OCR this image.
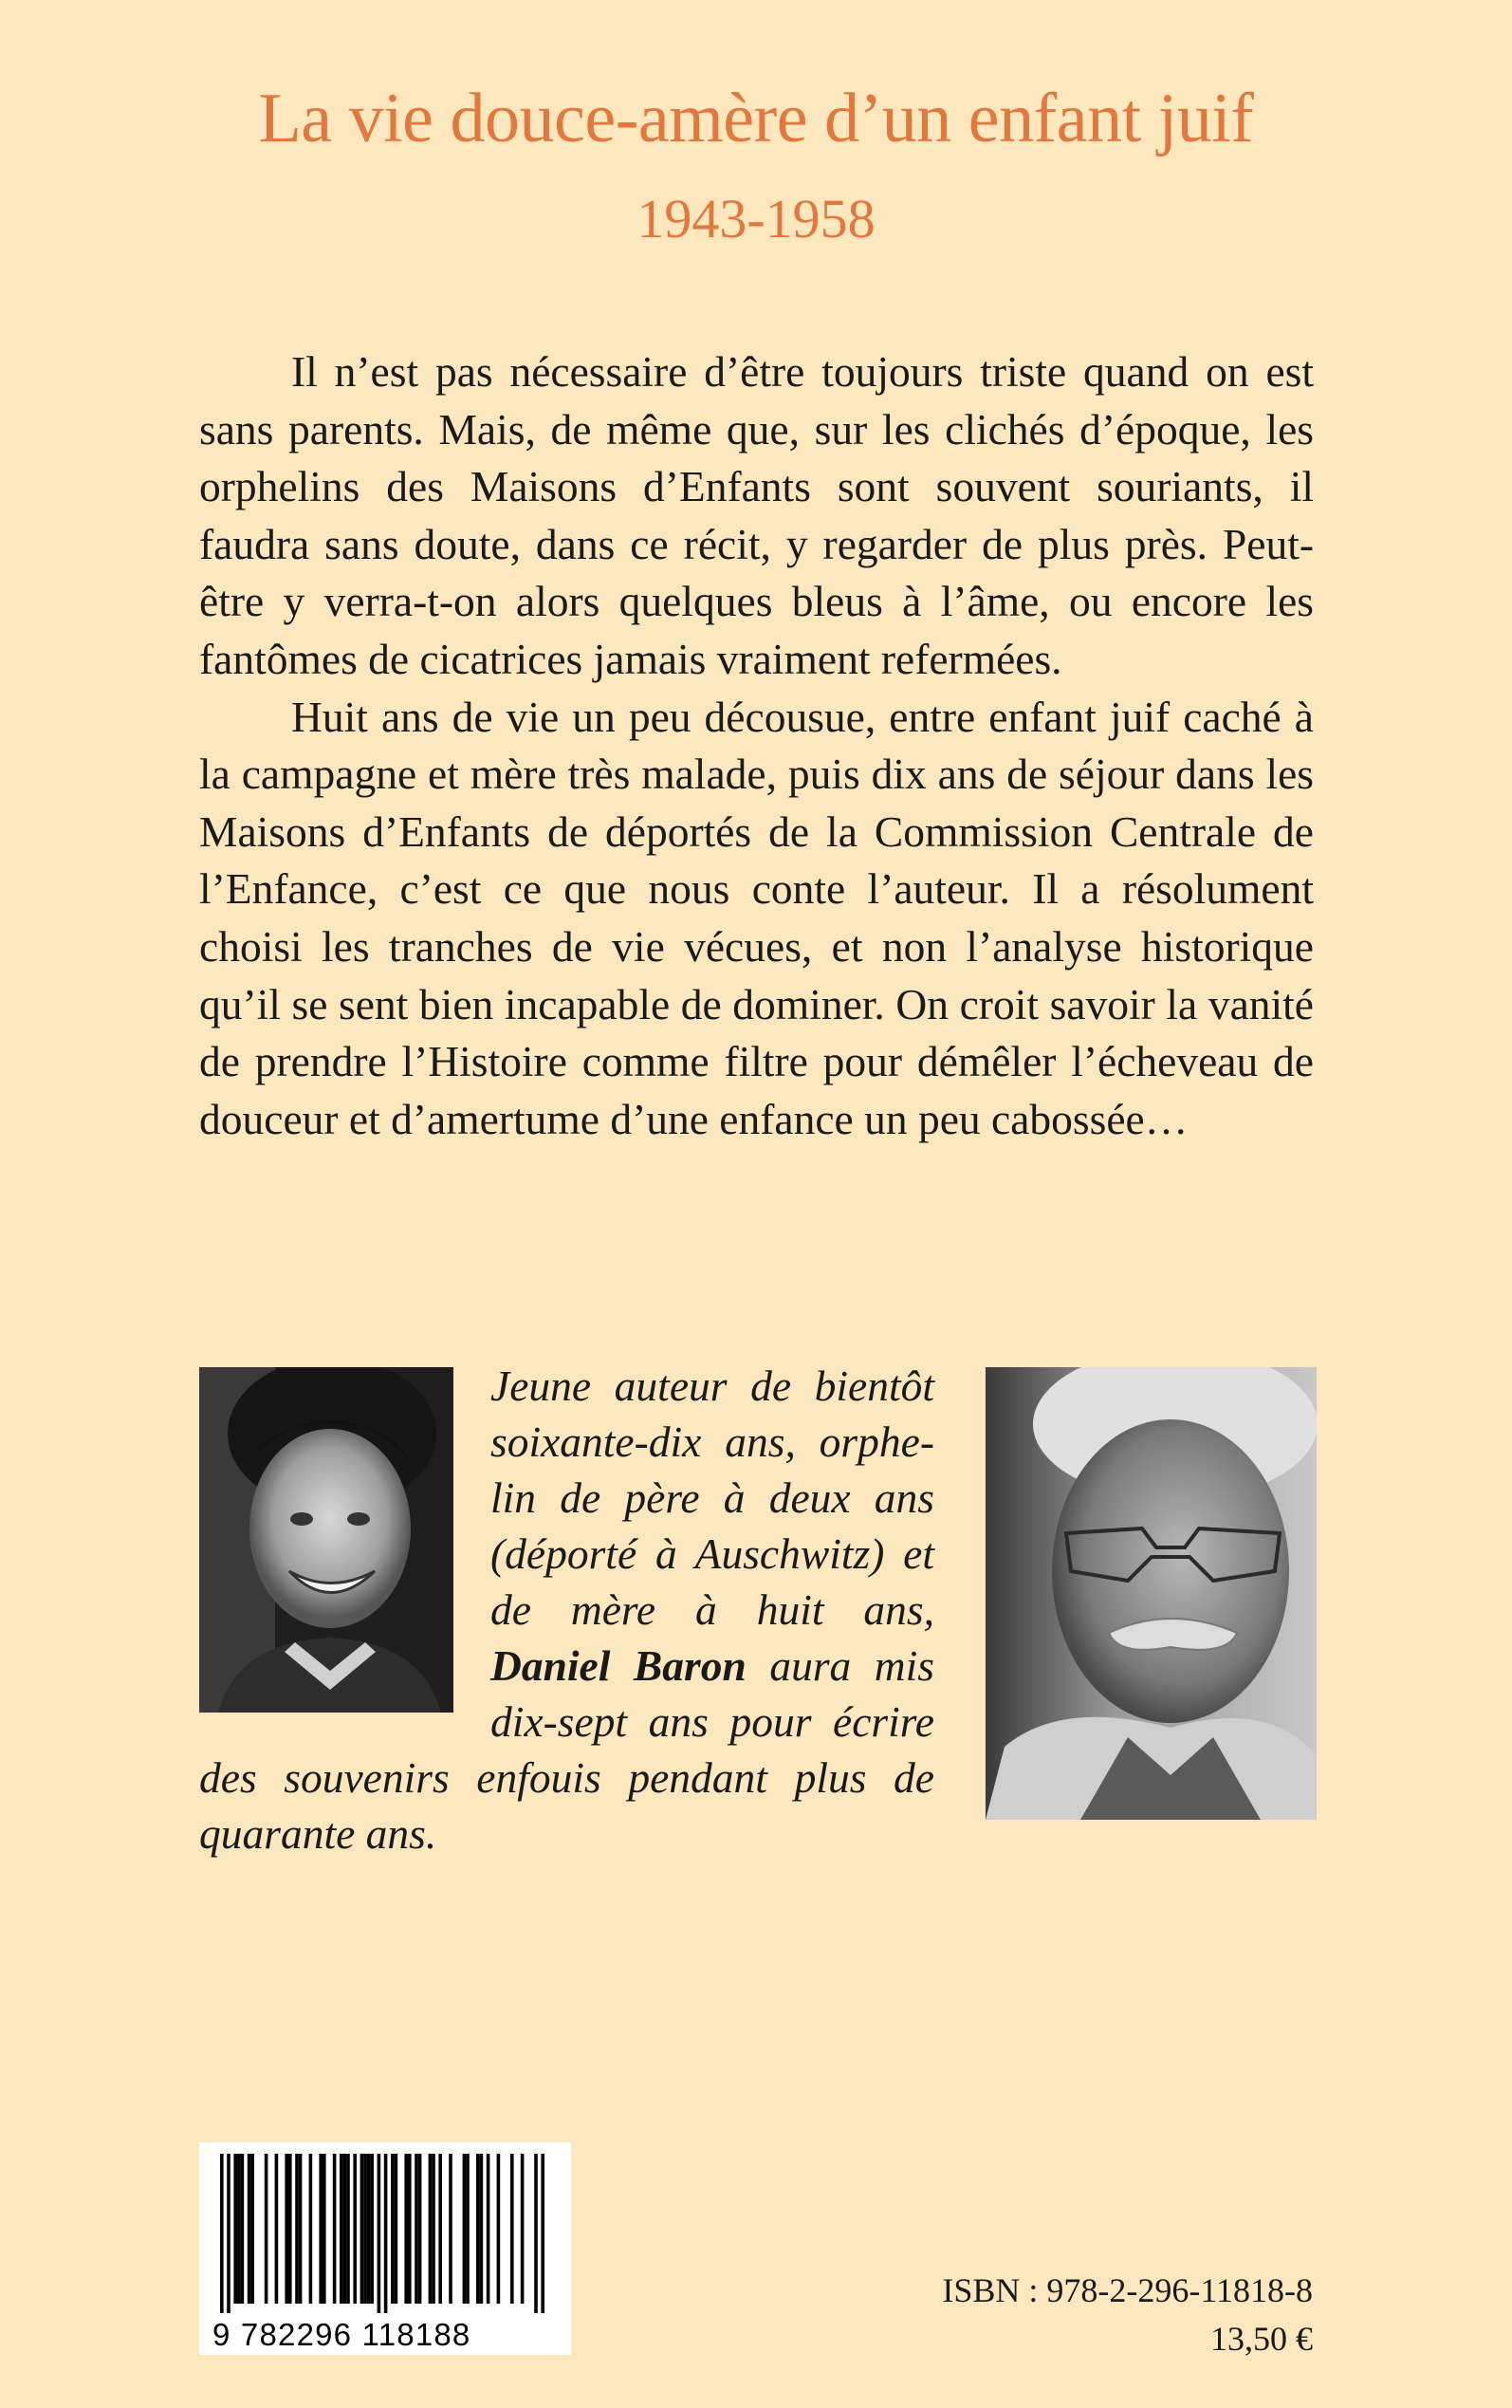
La vie douce-amère d’un enfant juif
1943-1958

Il n’est pas nécessaire d’être toujours triste quand on est sans parents. Mais, de même que, sur les clichés d’époque, les orphelins des Maisons d’Enfants sont souvent souriants, il faudra sans doute, dans ce récit, y regarder de plus près. Peut-être y verra-t-on alors quelques bleus à l’âme, ou encore les fantômes de cicatrices jamais vraiment refermées.

Huit ans de vie un peu décousue, entre enfant juif caché à la campagne et mère très malade, puis dix ans de séjour dans les Maisons d’Enfants de déportés de la Commission Centrale de l’Enfance, c’est ce que nous conte l’auteur. Il a résolument choisi les tranches de vie vécues, et non l’analyse historique qu’il se sent bien incapable de dominer. On croit savoir la vanité de prendre l’Histoire comme filtre pour démêler l’écheveau de douceur et d’amertume d’une enfance un peu cabossée…

Jeune auteur de bientôt soixante-dix ans, orphelin de père à deux ans (déporté à Auschwitz) et de mère à huit ans, Daniel Baron aura mis dix-sept ans pour écrire des souvenirs enfouis pendant plus de quarante ans.
9 782296 118188
ISBN : 978-2-296-11818-8
13,50 €
